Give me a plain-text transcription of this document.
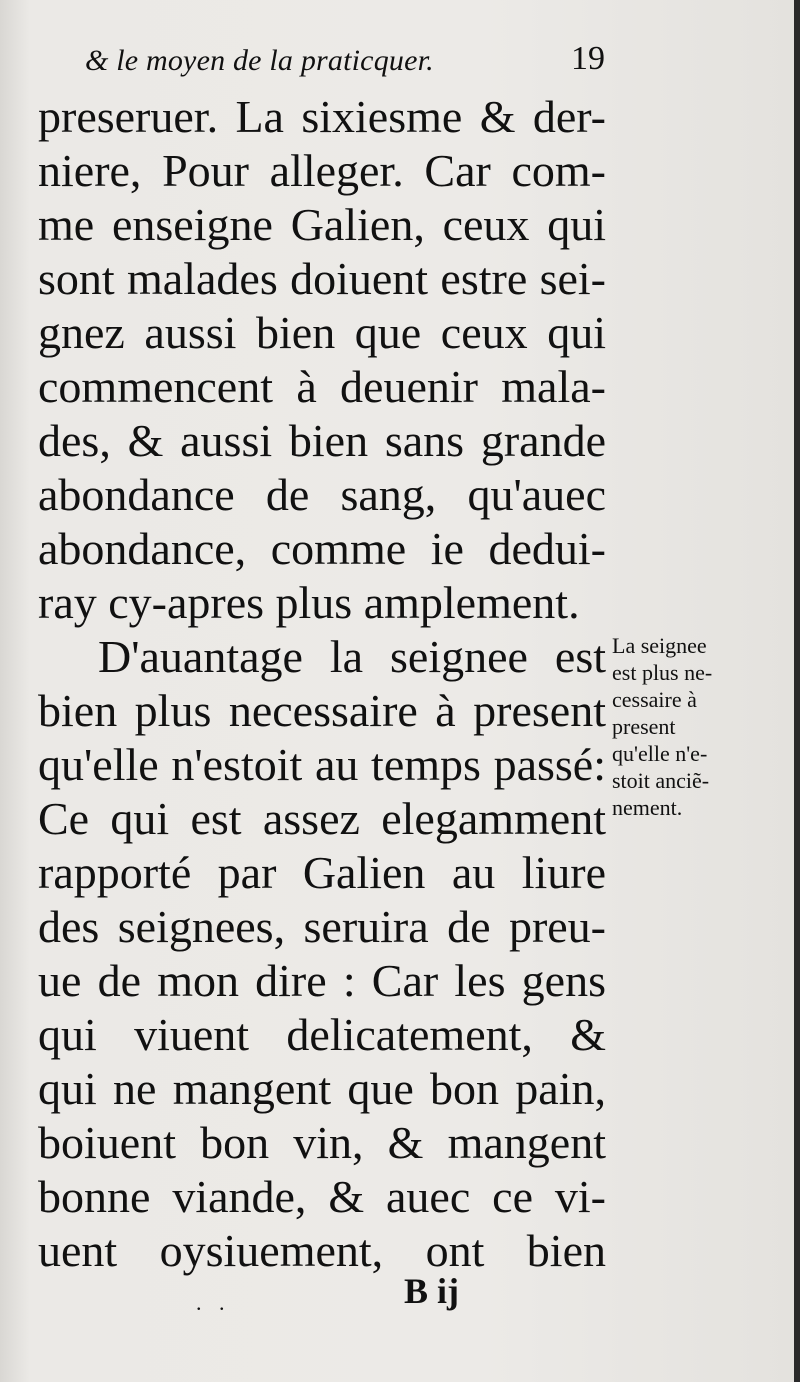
& le moyen de la praticquer.	19
preseruer. La sixiesme & der-
niere, Pour alleger. Car com-
me enseigne Galien, ceux qui
sont malades doiuent estre sei-
gnez aussi bien que ceux qui
commencent à deuenir mala-
des, & aussi bien sans grande
abondance de sang, qu'auec
abondance, comme ie dedui-
ray cy-apres plus amplement.
D'auantage la seignee est
bien plus necessaire à present
qu'elle n'estoit au temps passé:
Ce qui est assez elegamment
rapporté par Galien au liure
des seignees, seruira de preu-
ue de mon dire : Car les gens
qui viuent delicatement, &
qui ne mangent que bon pain,
boiuent bon vin, & mangent
bonne viande, & auec ce vi-
uent oysiuement, ont bien
La seignee
est plus ne-
cessaire à
present
qu'elle n'e-
stoit anciẽ-
nement.
. .	B ij
